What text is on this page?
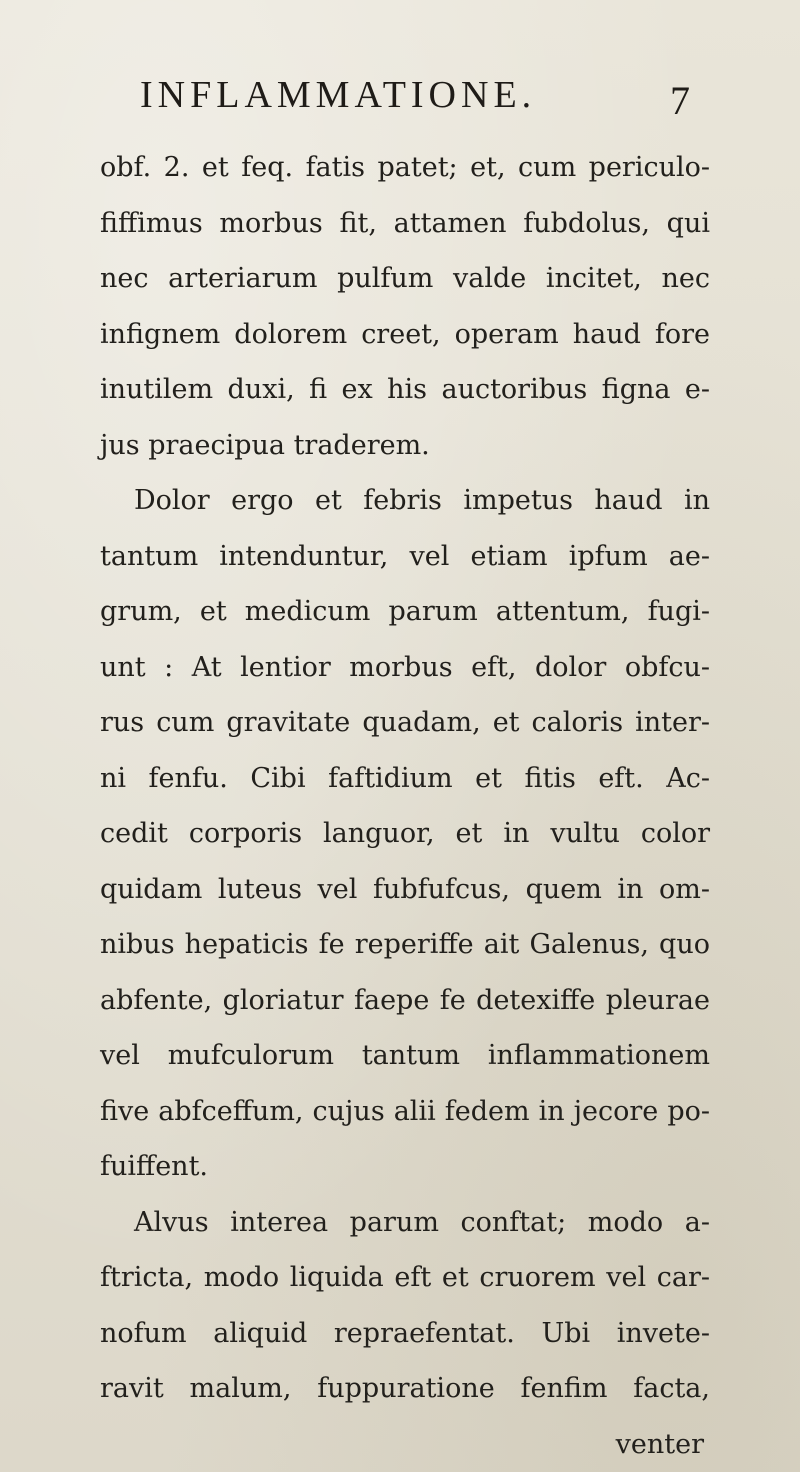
INFLAMMATIONE.	7
obf. 2. et feq. fatis patet; et, cum periculo-
fiffimus morbus fit, attamen fubdolus, qui
nec arteriarum pulfum valde incitet, nec
infignem dolorem creet, operam haud fore
inutilem duxi, fi ex his auctoribus figna e-
jus praecipua traderem.
Dolor ergo et febris impetus haud in
tantum intenduntur, vel etiam ipfum ae-
grum, et medicum parum attentum, fugi-
unt : At lentior morbus eft, dolor obfcu-
rus cum gravitate quadam, et caloris inter-
ni fenfu. Cibi faftidium et fitis eft. Ac-
cedit corporis languor, et in vultu color
quidam luteus vel fubfufcus, quem in om-
nibus hepaticis fe reperiffe ait Galenus, quo
abfente, gloriatur faepe fe detexiffe pleurae
vel mufculorum tantum inflammationem
five abfceffum, cujus alii fedem in jecore po-
fuiffent.
Alvus interea parum conftat; modo a-
ftricta, modo liquida eft et cruorem vel car-
nofum aliquid repraefentat. Ubi invete-
ravit malum, fuppuratione fenfim facta,
venter
